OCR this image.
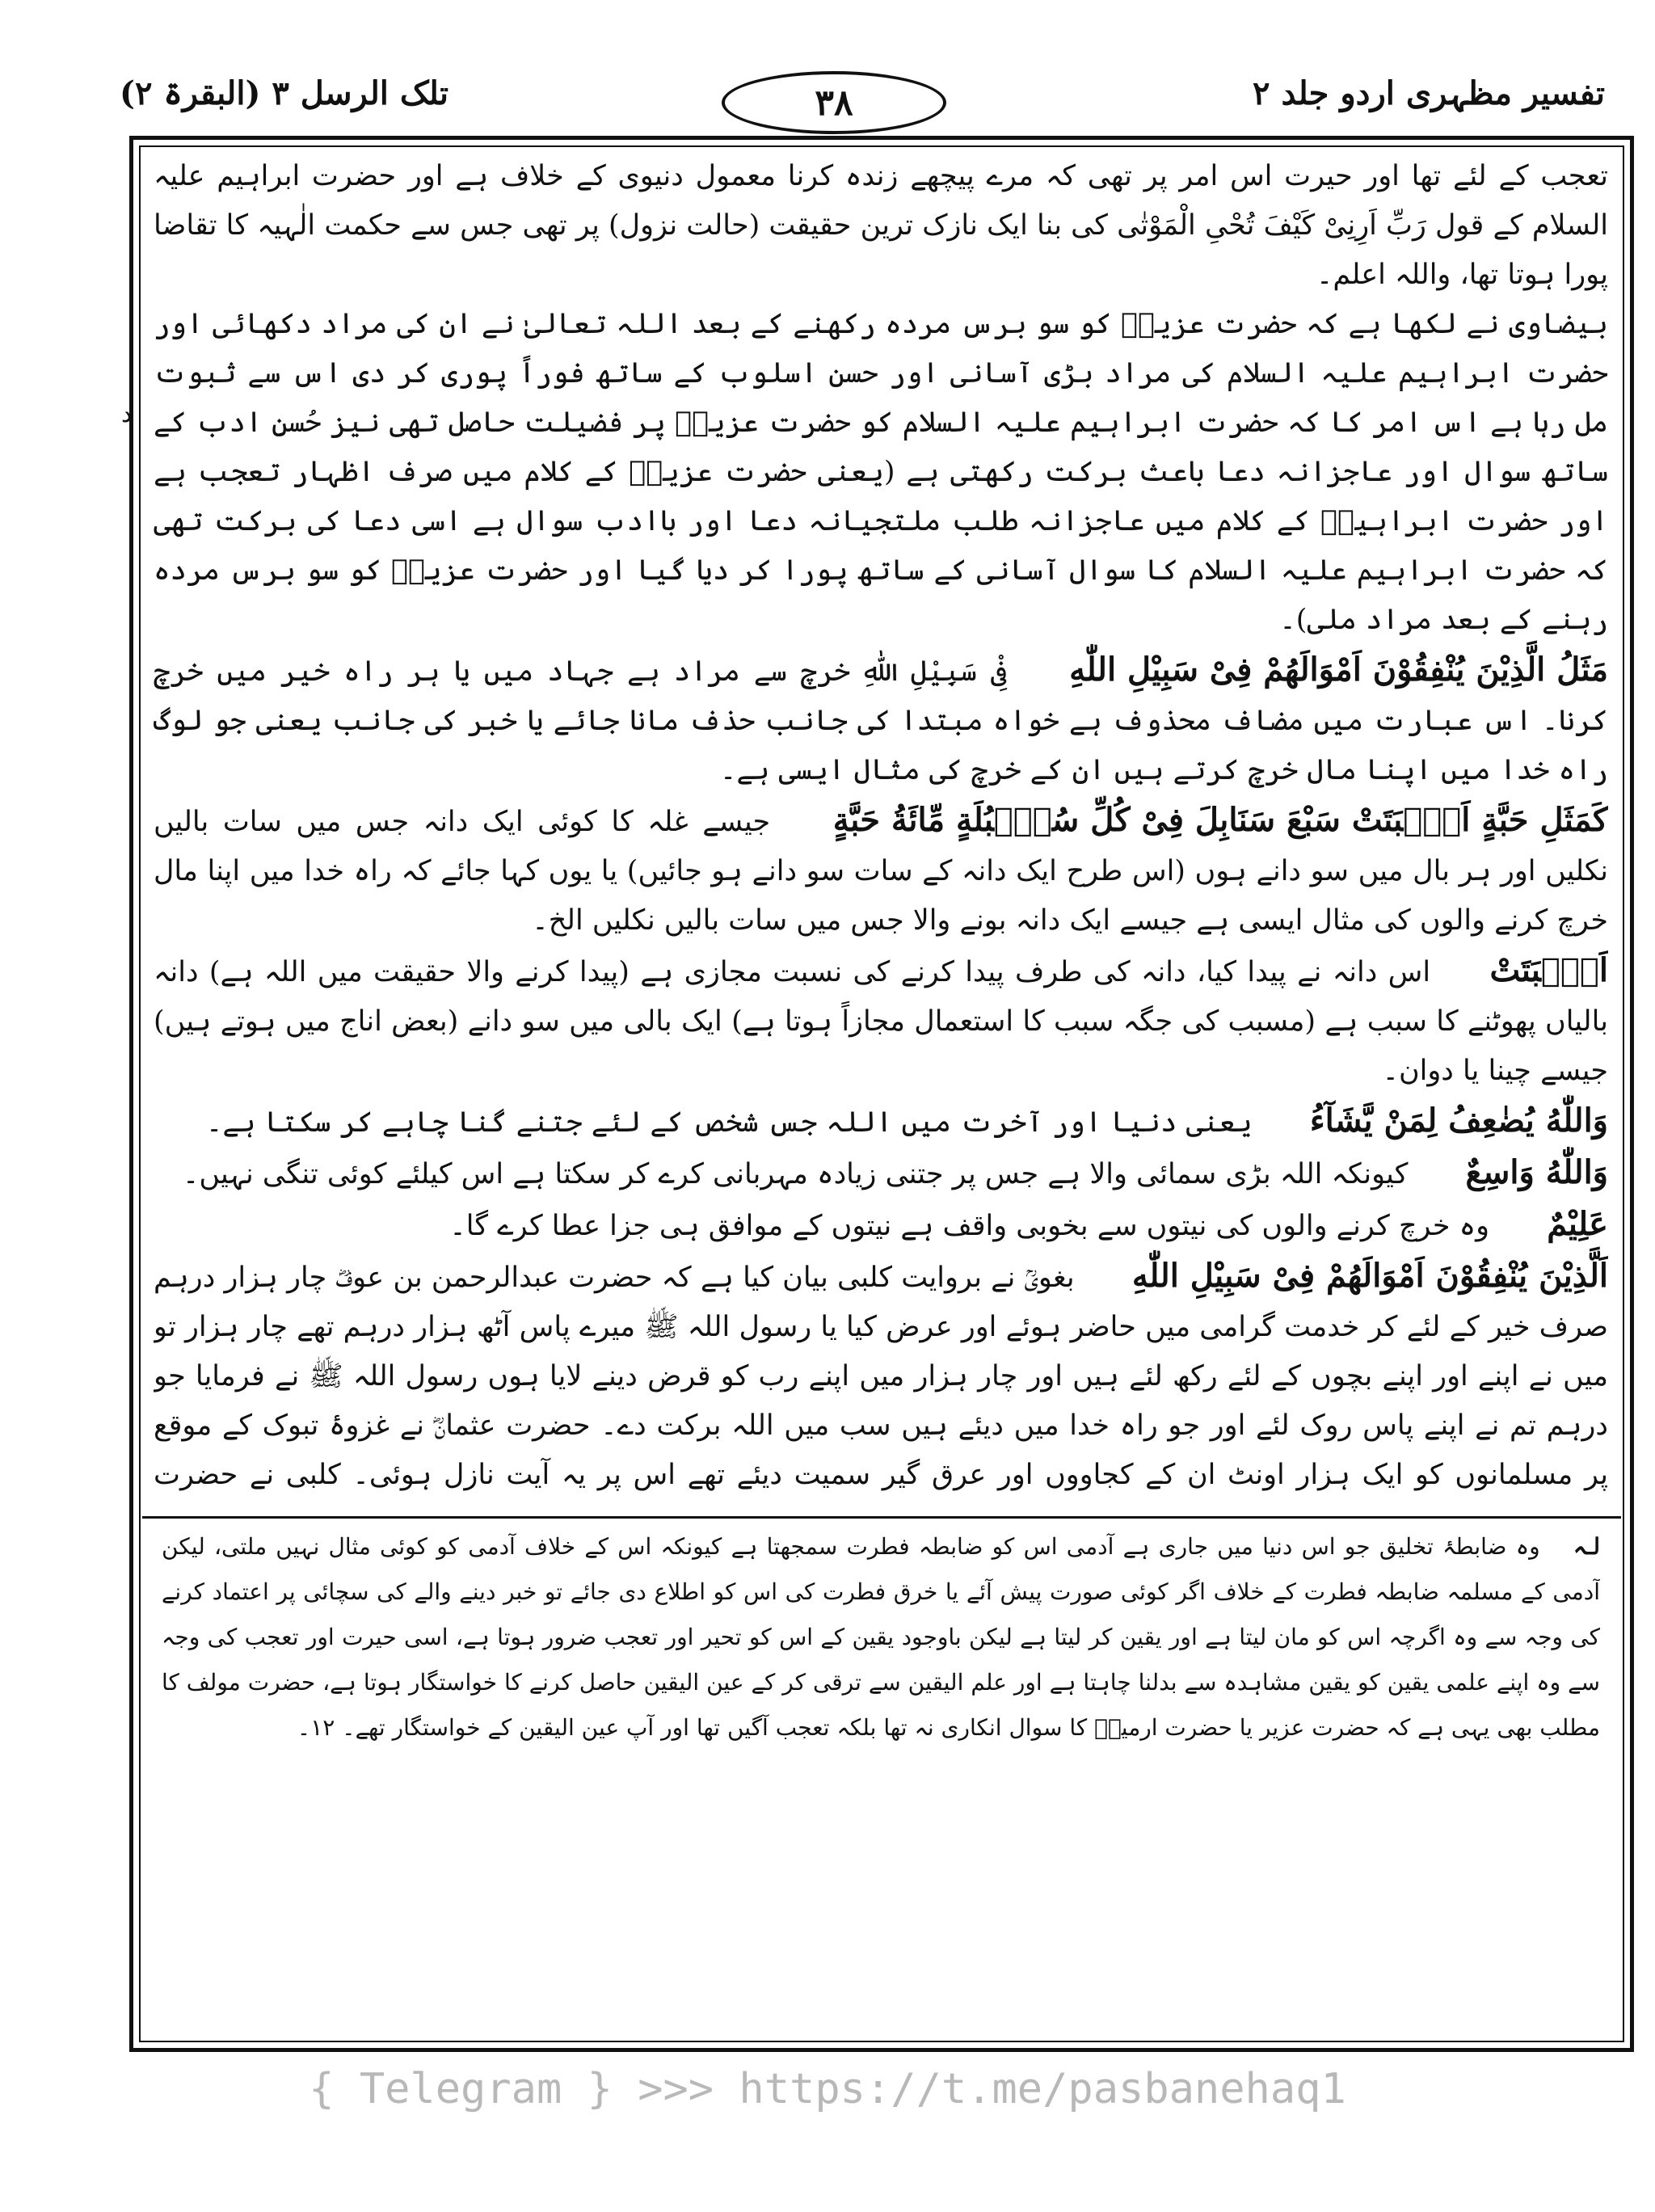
تفسیر مظہری اردو جلد ۲
۳۸
تلک الرسل ۳ (البقرۃ ۲)
د

تعجب کے لئے تھا اور حیرت اس امر پر تھی کہ مرے پیچھے زندہ کرنا معمول دنیوی کے خلاف ہے اور حضرت ابراہیم علیہ السلام کے قول رَبِّ اَرِنِیْ کَیْفَ تُحْیِ الْمَوْتٰی کی بنا ایک نازک ترین حقیقت (حالت نزول) پر تھی جس سے حکمت الٰہیہ کا تقاضا پورا ہوتا تھا، واللہ اعلم۔

بیضاوی نے لکھا ہے کہ حضرت عزیرؑ کو سو برس مردہ رکھنے کے بعد اللہ تعالیٰ نے ان کی مراد دکھائی اور حضرت ابراہیم علیہ السلام کی مراد بڑی آسانی اور حسن اسلوب کے ساتھ فوراً پوری کر دی اس سے ثبوت مل رہا ہے اس امر کا کہ حضرت ابراہیم علیہ السلام کو حضرت عزیرؑ پر فضیلت حاصل تھی نیز حُسنِ ادب کے ساتھ سوال اور عاجزانہ دعا باعث برکت رکھتی ہے (یعنی حضرت عزیرؑ کے کلام میں صرف اظہار تعجب ہے اور حضرت ابراہیمؑ کے کلام میں عاجزانہ طلب ملتجیانہ دعا اور باادب سوال ہے اسی دعا کی برکت تھی کہ حضرت ابراہیم علیہ السلام کا سوال آسانی کے ساتھ پورا کر دیا گیا اور حضرت عزیرؑ کو سو برس مردہ رہنے کے بعد مراد ملی)۔

مَثَلُ الَّذِیْنَ یُنْفِقُوْنَ اَمْوَالَهُمْ فِیْ سَبِیْلِ اللّٰهِ فِیْ سَبِیْلِ اللّٰهِ خرچ سے مراد ہے جہاد میں یا ہر راہ خیر میں خرچ کرنا۔ اس عبارت میں مضاف محذوف ہے خواہ مبتدا کی جانب حذف مانا جائے یا خبر کی جانب یعنی جو لوگ راہ خدا میں اپنا مال خرچ کرتے ہیں ان کے خرچ کی مثال ایسی ہے۔

کَمَثَلِ حَبَّةٍ اَنْۢبَتَتْ سَبْعَ سَنَابِلَ فِیْ كُلِّ سُنْۢبُلَةٍ مِّائَةُ حَبَّةٍ جیسے غلہ کا کوئی ایک دانہ جس میں سات بالیں نکلیں اور ہر بال میں سو دانے ہوں (اس طرح ایک دانہ کے سات سو دانے ہو جائیں) یا یوں کہا جائے کہ راہ خدا میں اپنا مال خرچ کرنے والوں کی مثال ایسی ہے جیسے ایک دانہ بونے والا جس میں سات بالیں نکلیں الخ۔

اَنْۢبَتَتْ اس دانہ نے پیدا کیا، دانہ کی طرف پیدا کرنے کی نسبت مجازی ہے (پیدا کرنے والا حقیقت میں اللہ ہے) دانہ بالیاں پھوٹنے کا سبب ہے (مسبب کی جگہ سبب کا استعمال مجازاً ہوتا ہے) ایک بالی میں سو دانے (بعض اناج میں ہوتے ہیں) جیسے چینا یا دوان۔

وَاللّٰهُ یُضٰعِفُ لِمَنْ یَّشَآءُ یعنی دنیا اور آخرت میں اللہ جس شخص کے لئے جتنے گنا چاہے کر سکتا ہے۔

وَاللّٰهُ وَاسِعٌ کیونکہ اللہ بڑی سمائی والا ہے جس پر جتنی زیادہ مہربانی کرے کر سکتا ہے اس کیلئے کوئی تنگی نہیں۔

عَلِیْمٌ وہ خرچ کرنے والوں کی نیتوں سے بخوبی واقف ہے نیتوں کے موافق ہی جزا عطا کرے گا۔

اَلَّذِیْنَ یُنْفِقُوْنَ اَمْوَالَهُمْ فِیْ سَبِیْلِ اللّٰهِ بغویؒ نے بروایت کلبی بیان کیا ہے کہ حضرت عبدالرحمن بن عوفؓ چار ہزار درہم صرف خیر کے لئے کر خدمت گرامی میں حاضر ہوئے اور عرض کیا یا رسول اللہ ﷺ میرے پاس آٹھ ہزار درہم تھے چار ہزار تو میں نے اپنے اور اپنے بچوں کے لئے رکھ لئے ہیں اور چار ہزار میں اپنے رب کو قرض دینے لایا ہوں رسول اللہ ﷺ نے فرمایا جو درہم تم نے اپنے پاس روک لئے اور جو راہ خدا میں دیئے ہیں سب میں اللہ برکت دے۔ حضرت عثمانؓ نے غزوۂ تبوک کے موقع پر مسلمانوں کو ایک ہزار اونٹ ان کے کجاووں اور عرق گیر سمیت دیئے تھے اس پر یہ آیت نازل ہوئی۔ کلبی نے حضرت

لـہ وہ ضابطۂ تخلیق جو اس دنیا میں جاری ہے آدمی اس کو ضابطہ فطرت سمجھتا ہے کیونکہ اس کے خلاف آدمی کو کوئی مثال نہیں ملتی، لیکن آدمی کے مسلمہ ضابطہ فطرت کے خلاف اگر کوئی صورت پیش آئے یا خرق فطرت کی اس کو اطلاع دی جائے تو خبر دینے والے کی سچائی پر اعتماد کرنے کی وجہ سے وہ اگرچہ اس کو مان لیتا ہے اور یقین کر لیتا ہے لیکن باوجود یقین کے اس کو تحیر اور تعجب ضرور ہوتا ہے، اسی حیرت اور تعجب کی وجہ سے وہ اپنے علمی یقین کو یقین مشاہدہ سے بدلنا چاہتا ہے اور علم الیقین سے ترقی کر کے عین الیقین حاصل کرنے کا خواستگار ہوتا ہے، حضرت مولف کا مطلب بھی یہی ہے کہ حضرت عزیر یا حضرت ارمیاؑ کا سوال انکاری نہ تھا بلکہ تعجب آگیں تھا اور آپ عین الیقین کے خواستگار تھے۔ ۱۲۔

{ Telegram } >>> https://t.me/pasbanehaq1
